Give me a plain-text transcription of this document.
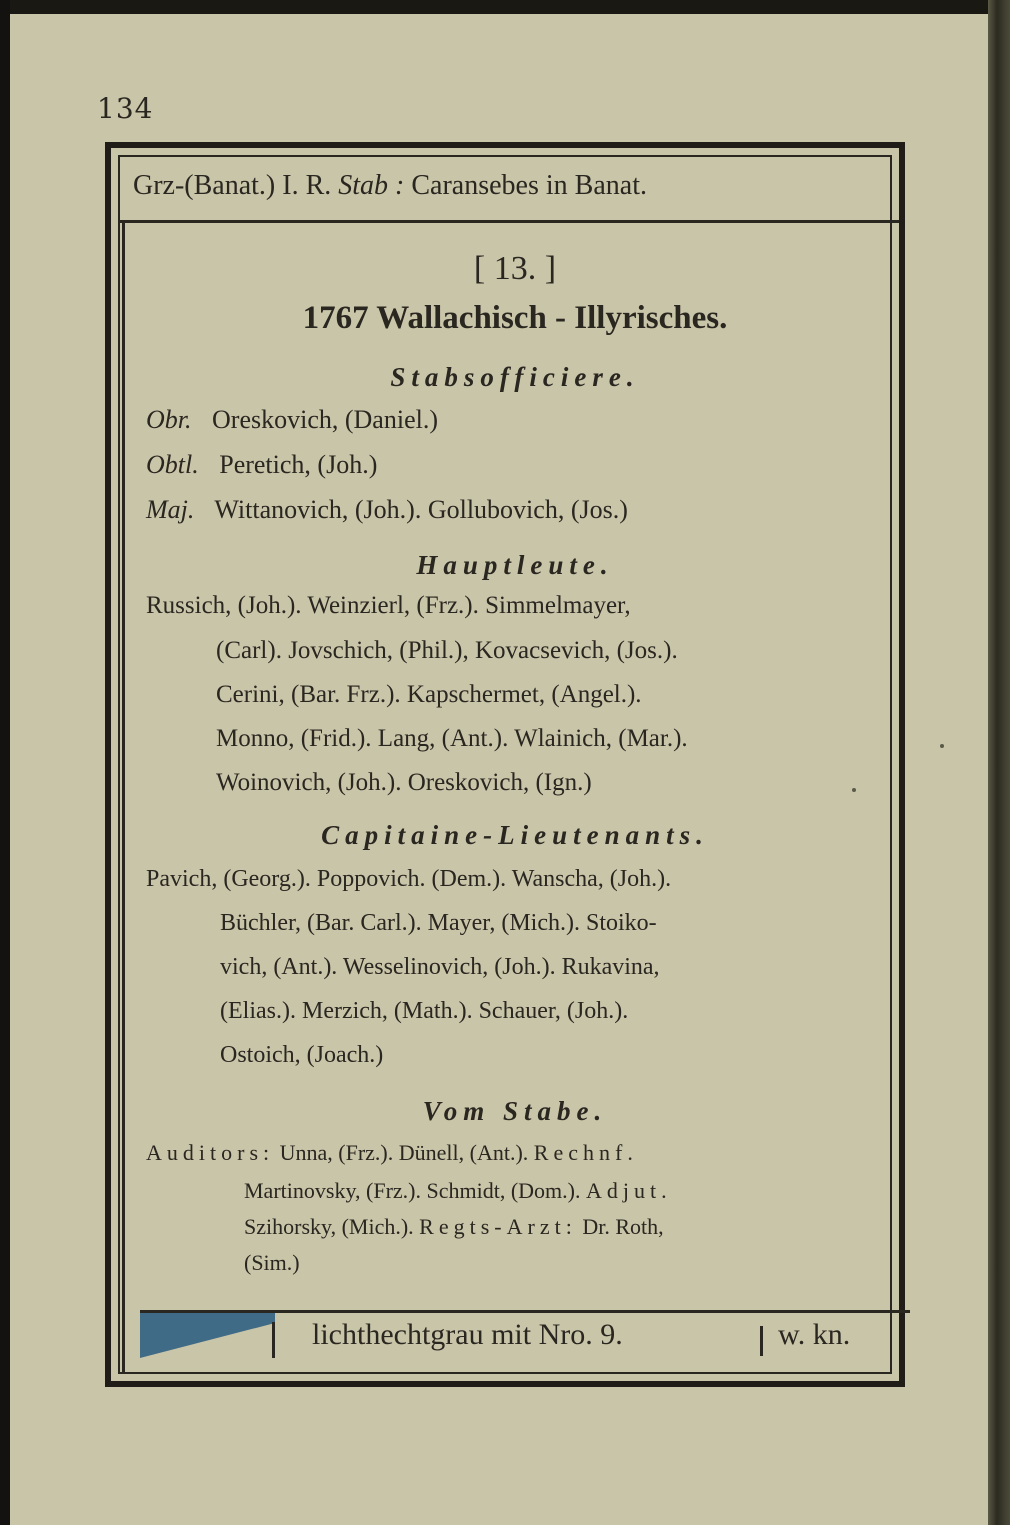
134
Grz-(Banat.) I. R. Stab : Caransebes in Banat.
[ 13. ]
1767 Wallachisch - Illyrisches.
Stabsofficiere.
Obr. Oreskovich, (Daniel.)
Obtl. Peretich, (Joh.)
Maj. Wittanovich, (Joh.). Gollubovich, (Jos.)
Hauptleute.
Russich, (Joh.). Weinzierl, (Frz.). Simmelmayer,
(Carl). Jovschich, (Phil.), Kovacsevich, (Jos.).
Cerini, (Bar. Frz.). Kapschermet, (Angel.).
Monno, (Frid.). Lang, (Ant.). Wlainich, (Mar.).
Woinovich, (Joh.). Oreskovich, (Ign.)
Capitaine-Lieutenants.
Pavich, (Georg.). Poppovich. (Dem.). Wanscha, (Joh.).
Büchler, (Bar. Carl.). Mayer, (Mich.). Stoiko-
vich, (Ant.). Wesselinovich, (Joh.). Rukavina,
(Elias.). Merzich, (Math.). Schauer, (Joh.).
Ostoich, (Joach.)
Vom Stabe.
Auditors: Unna, (Frz.). Dünell, (Ant.). Rechnf.
Martinovsky, (Frz.). Schmidt, (Dom.). Adjut.
Szihorsky, (Mich.). Regts-Arzt: Dr. Roth,
(Sim.)
lichthechtgrau mit Nro. 9.	w. kn.
